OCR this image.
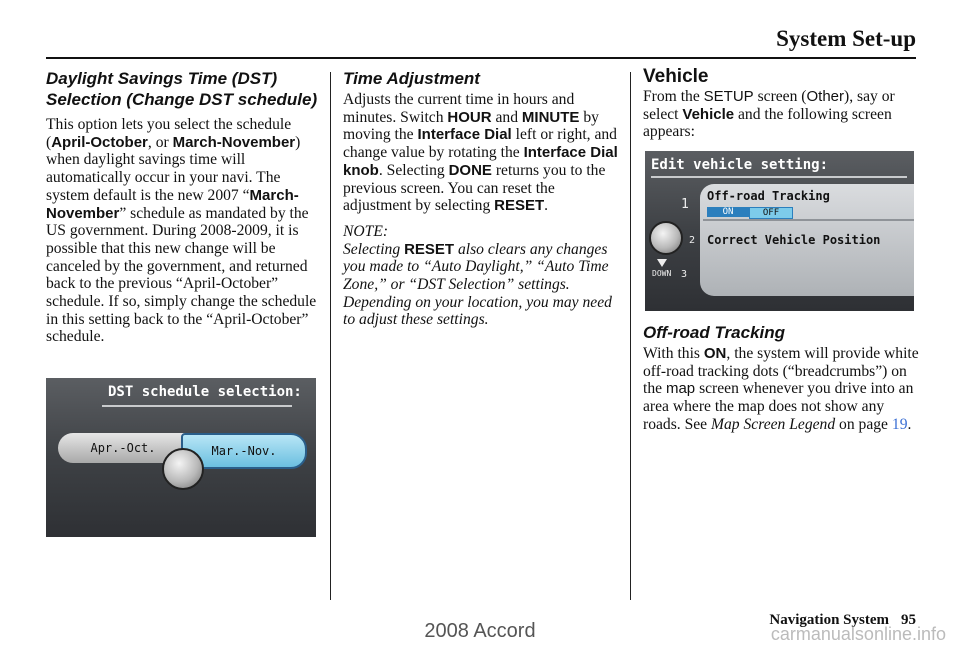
System Set-up
Daylight Savings Time (DST) Selection (Change DST schedule)

This option lets you select the schedule (April-October, or March-November) when daylight savings time will automatically occur in your navi. The system default is the new 2007 “March-November” schedule as mandated by the US government. During 2008-2009, it is possible that this new change will be canceled by the government, and returned back to the previous “April-October” schedule. If so, simply change the schedule in this setting back to the “April-October” schedule.

DST schedule selection:
Apr.-Oct.	Mar.-Nov.
Time Adjustment

Adjusts the current time in hours and minutes. Switch HOUR and MINUTE by moving the Interface Dial left or right, and change value by rotating the Interface Dial knob. Selecting DONE returns you to the previous screen. You can reset the adjustment by selecting RESET.

NOTE:

Selecting RESET also clears any changes you made to “Auto Daylight,” “Auto Time Zone,” or “DST Selection” settings. Depending on your location, you may need to adjust these settings.

Vehicle

From the SETUP screen (Other), say or select Vehicle and the following screen appears:

Edit vehicle setting:
Off-road Tracking
ON	OFF
Correct Vehicle Position
1
2
3
DOWN
Off-road Tracking

With this ON, the system will provide white off-road tracking dots (“breadcrumbs”) on the map screen whenever you drive into an area where the map does not show any roads. See Map Screen Legend on page 19.

Navigation System 95
2008 Accord	carmanualsonline.info
